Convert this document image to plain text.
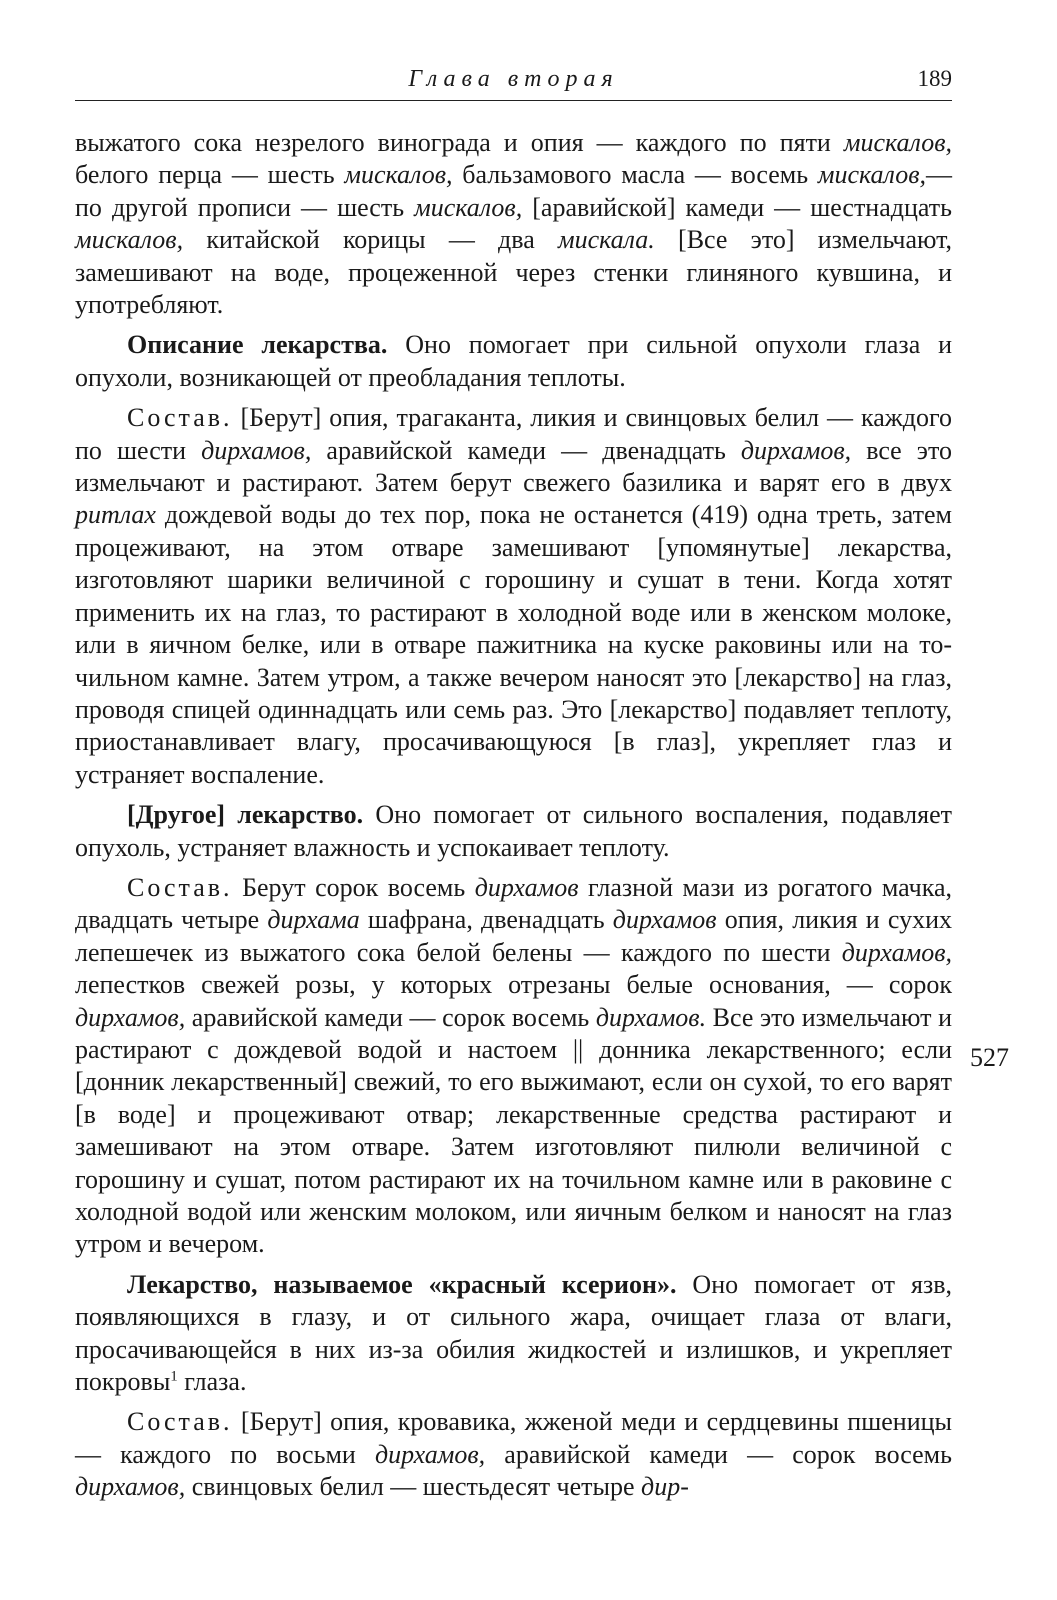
Глава вторая	189

выжатого сока незрелого винограда и опия — каждого по пяти мискалов, белого перца — шесть мискалов, бальзамового масла — восемь мискалов,— по другой прописи — шесть мискалов, [аравийской] камеди — шестнадцать мискалов, китайской корицы — два мискала. [Все это] измельчают, замешивают на воде, процеженной через стенки глиняного кувшина, и употребляют.

Описание лекарства. Оно помогает при сильной опухоли глаза и опухоли, возникающей от преобладания теплоты.

Состав. [Берут] опия, трагаканта, ликия и свинцовых белил — каждого по шести дирхамов, аравийской камеди — двенадцать дирхамов, все это измельчают и растирают. Затем берут свежего базилика и варят его в двух ритлах дождевой воды до тех пор, пока не останется (419) одна треть, затем процеживают, на этом отваре замешивают [упомянутые] лекарства, изготовляют шарики величиной с горошину и сушат в тени. Когда хотят применить их на глаз, то растирают в холодной воде или в женском молоке, или в яичном белке, или в отваре пажитника на куске раковины или на точильном камне. Затем утром, а также вечером наносят это [лекарство] на глаз, проводя спицей одиннадцать или семь раз. Это [лекарство] подавляет теплоту, приостанавливает влагу, просачивающуюся [в глаз], укрепляет глаз и устраняет воспаление.

[Другое] лекарство. Оно помогает от сильного воспаления, подавляет опухоль, устраняет влажность и успокаивает теплоту.

Состав. Берут сорок восемь дирхамов глазной мази из рогатого мачка, двадцать четыре дирхама шафрана, двенадцать дирхамов опия, ликия и сухих лепешечек из выжатого сока белой белены — каждого по шести дирхамов, лепестков свежей розы, у которых отрезаны белые основания, — сорок дирхамов, аравийской камеди — сорок восемь дирхамов. Все это измельчают и растирают с дождевой водой и настоем || донника лекарственного; если [донник лекарственный] свежий, то его выжимают, если он сухой, то его варят [в воде] и процеживают отвар; лекарственные средства растирают и замешивают на этом отваре. Затем изготовляют пилюли величиной с горошину и сушат, потом растирают их на точильном камне или в раковине с холодной водой или женским молоком, или яичным белком и наносят на глаз утром и вечером.

Лекарство, называемое «красный ксерион». Оно помогает от язв, появляющихся в глазу, и от сильного жара, очищает глаза от влаги, просачивающейся в них из-за обилия жидкостей и излишков, и укрепляет покровы$^1$ глаза.

Состав. [Берут] опия, кровавика, жженой меди и сердцевины пшеницы — каждого по восьми дирхамов, аравийской камеди — сорок восемь дирхамов, свинцовых белил — шестьдесят четыре дир-

527
